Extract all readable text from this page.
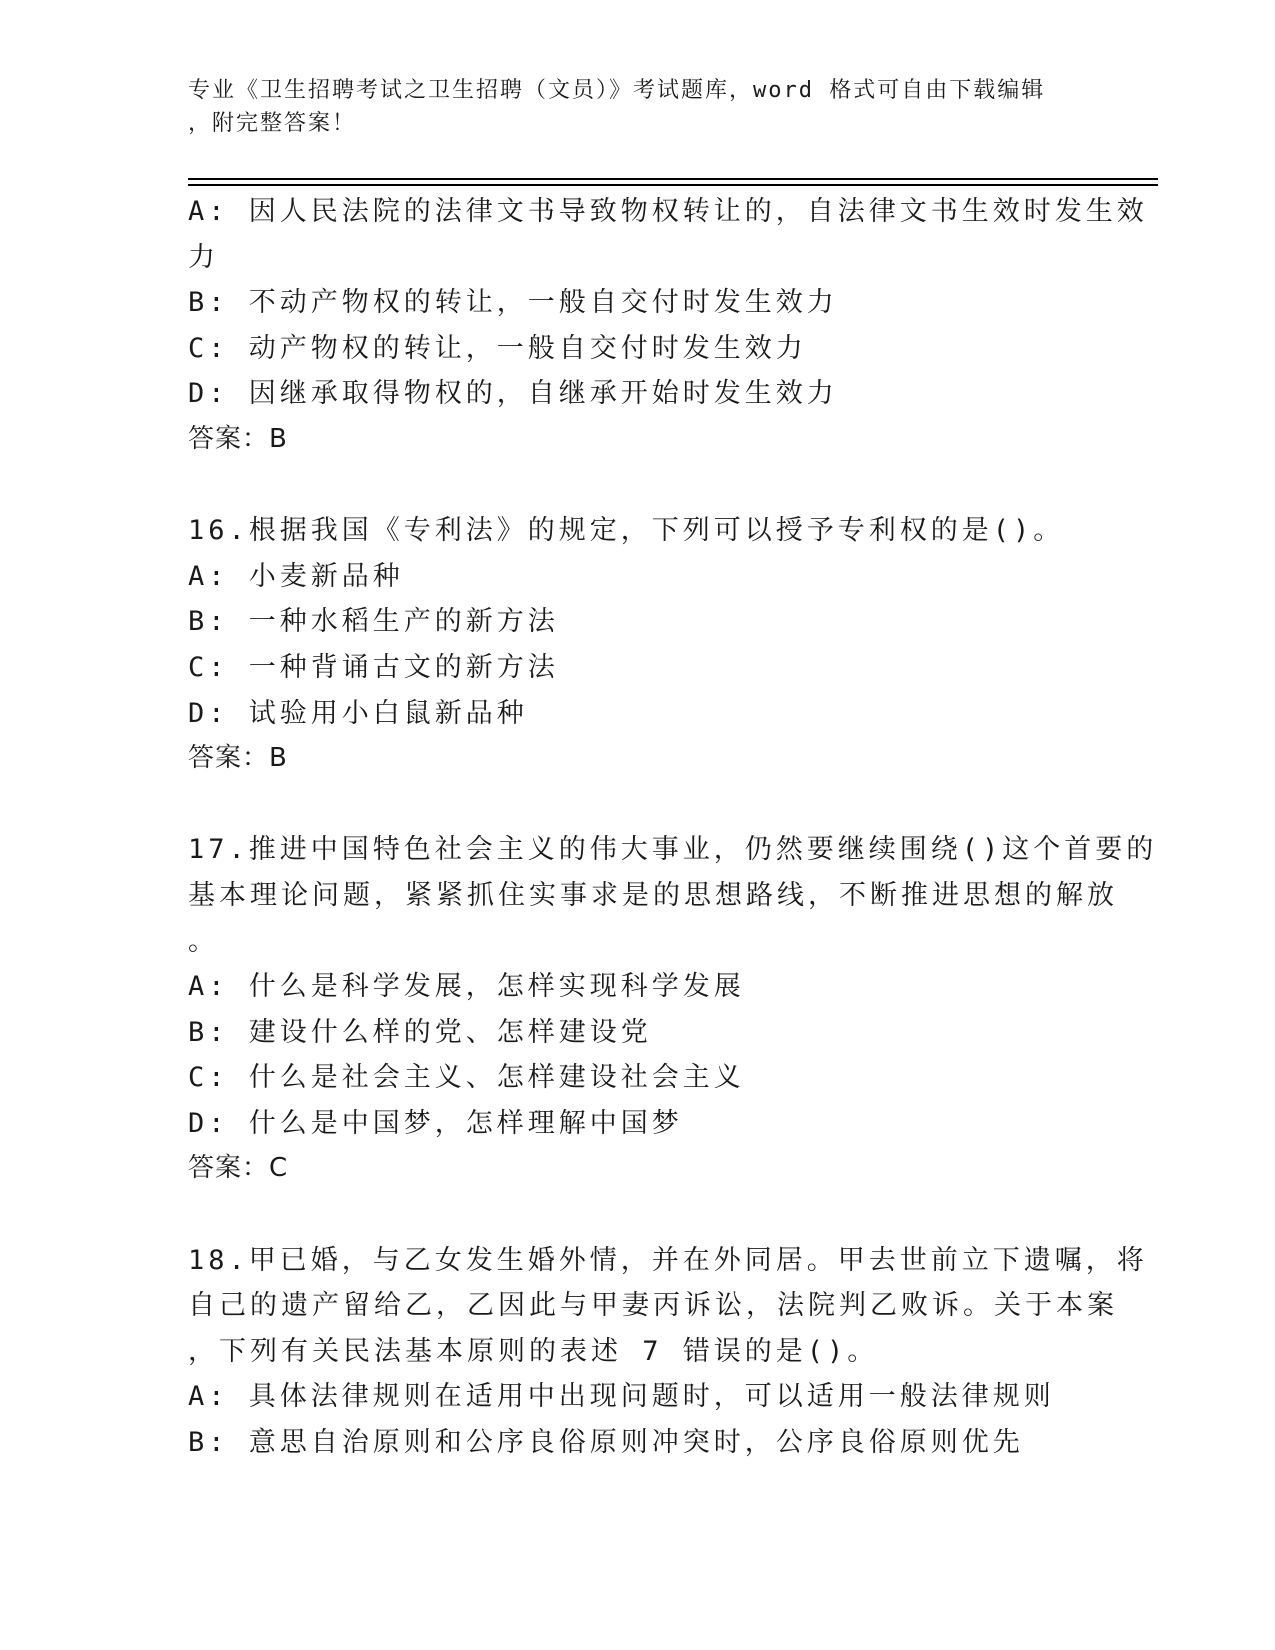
专业《卫生招聘考试之卫生招聘（文员）》考试题库，word 格式可自由下载编辑
，附完整答案！
A: 因人民法院的法律文书导致物权转让的，自法律文书生效时发生效
力
B: 不动产物权的转让，一般自交付时发生效力
C: 动产物权的转让，一般自交付时发生效力
D: 因继承取得物权的，自继承开始时发生效力
答案：B
16.根据我国《专利法》的规定，下列可以授予专利权的是()。
A: 小麦新品种
B: 一种水稻生产的新方法
C: 一种背诵古文的新方法
D: 试验用小白鼠新品种
答案：B
17.推进中国特色社会主义的伟大事业，仍然要继续围绕()这个首要的
基本理论问题，紧紧抓住实事求是的思想路线，不断推进思想的解放
。
A: 什么是科学发展，怎样实现科学发展
B: 建设什么样的党、怎样建设党
C: 什么是社会主义、怎样建设社会主义
D: 什么是中国梦，怎样理解中国梦
答案：C
18.甲已婚，与乙女发生婚外情，并在外同居。甲去世前立下遗嘱，将
自己的遗产留给乙，乙因此与甲妻丙诉讼，法院判乙败诉。关于本案
，下列有关民法基本原则的表述 7 错误的是()。
A: 具体法律规则在适用中出现问题时，可以适用一般法律规则
B: 意思自治原则和公序良俗原则冲突时，公序良俗原则优先
